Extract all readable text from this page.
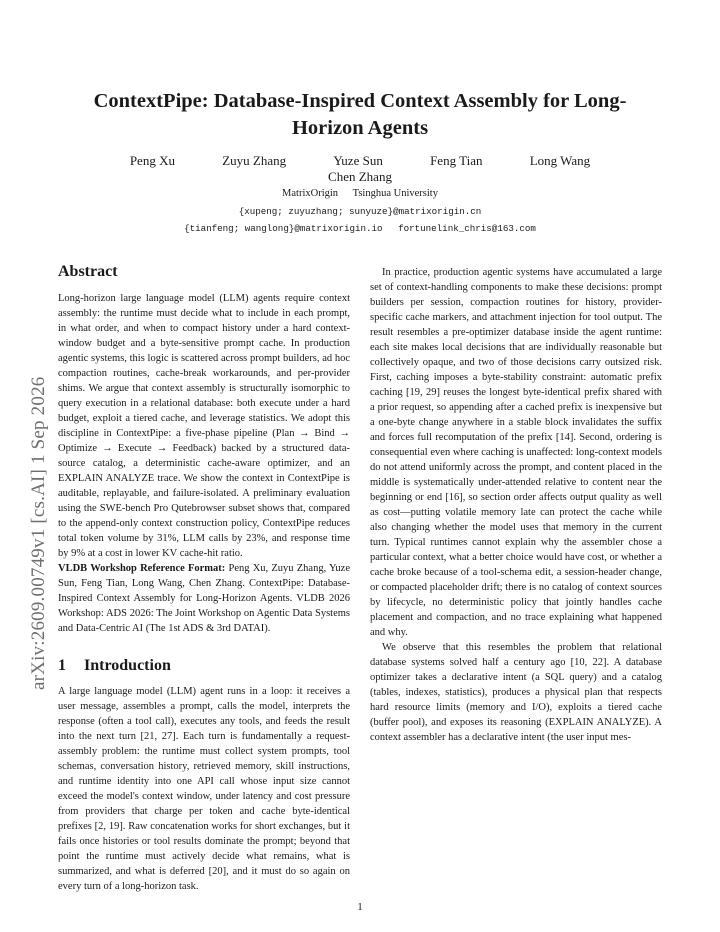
ContextPipe: Database-Inspired Context Assembly for Long-Horizon Agents
Peng Xu	Zuyu Zhang	Yuze Sun	Feng Tian	Long Wang
Chen Zhang
MatrixOrigin Tsinghua University
{xupeng; zuyuzhang; sunyuze}@matrixorigin.cn
{tianfeng; wanglong}@matrixorigin.io fortunelink_chris@163.com
arXiv:2609.00749v1 [cs.AI] 1 Sep 2026
Abstract

Long-horizon large language model (LLM) agents require context assembly: the runtime must decide what to include in each prompt, in what order, and when to compact history under a hard context-window budget and a byte-sensitive prompt cache. In production agentic systems, this logic is scattered across prompt builders, ad hoc compaction routines, cache-break workarounds, and per-provider shims. We argue that context assembly is structurally isomorphic to query execution in a relational database: both execute under a hard budget, exploit a tiered cache, and leverage statistics. We adopt this discipline in ContextPipe: a five-phase pipeline (Plan → Bind → Optimize → Execute → Feedback) backed by a structured data-source catalog, a deterministic cache-aware optimizer, and an EXPLAIN ANALYZE trace. We show the context in ContextPipe is auditable, replayable, and failure-isolated. A preliminary evaluation using the SWE-bench Pro Qutebrowser subset shows that, compared to the append-only context construction policy, ContextPipe reduces total token volume by 31%, LLM calls by 23%, and response time by 9% at a cost in lower KV cache-hit ratio.

VLDB Workshop Reference Format: Peng Xu, Zuyu Zhang, Yuze Sun, Feng Tian, Long Wang, Chen Zhang. ContextPipe: Database-Inspired Context Assembly for Long-Horizon Agents. VLDB 2026 Workshop: ADS 2026: The Joint Workshop on Agentic Data Systems and Data-Centric AI (The 1st ADS & 3rd DATAI).

1 Introduction

A large language model (LLM) agent runs in a loop: it receives a user message, assembles a prompt, calls the model, interprets the response (often a tool call), executes any tools, and feeds the result into the next turn [21, 27]. Each turn is fundamentally a request-assembly problem: the runtime must collect system prompts, tool schemas, conversation history, retrieved memory, skill instructions, and runtime identity into one API call whose input size cannot exceed the model's context window, under latency and cost pressure from providers that charge per token and cache byte-identical prefixes [2, 19]. Raw concatenation works for short exchanges, but it fails once histories or tool results dominate the prompt; beyond that point the runtime must actively decide what remains, what is summarized, and what is deferred [20], and it must do so again on every turn of a long-horizon task.

In practice, production agentic systems have accumulated a large set of context-handling components to make these decisions: prompt builders per session, compaction routines for history, provider-specific cache markers, and attachment injection for tool output. The result resembles a pre-optimizer database inside the agent runtime: each site makes local decisions that are individually reasonable but collectively opaque, and two of those decisions carry outsized risk. First, caching imposes a byte-stability constraint: automatic prefix caching [19, 29] reuses the longest byte-identical prefix shared with a prior request, so appending after a cached prefix is inexpensive but a one-byte change anywhere in a stable block invalidates the suffix and forces full recomputation of the prefix [14]. Second, ordering is consequential even where caching is unaffected: long-context models do not attend uniformly across the prompt, and content placed in the middle is systematically under-attended relative to content near the beginning or end [16], so section order affects output quality as well as cost—putting volatile memory late can protect the cache while also changing whether the model uses that memory in the current turn. Typical runtimes cannot explain why the assembler chose a particular context, what a better choice would have cost, or whether a cache broke because of a tool-schema edit, a session-header change, or compacted placeholder drift; there is no catalog of context sources by lifecycle, no deterministic policy that jointly handles cache placement and compaction, and no trace explaining what happened and why.

We observe that this resembles the problem that relational database systems solved half a century ago [10, 22]. A database optimizer takes a declarative intent (a SQL query) and a catalog (tables, indexes, statistics), produces a physical plan that respects hard resource limits (memory and I/O), exploits a tiered cache (buffer pool), and exposes its reasoning (EXPLAIN ANALYZE). A context assembler has a declarative intent (the user input mes-

1
